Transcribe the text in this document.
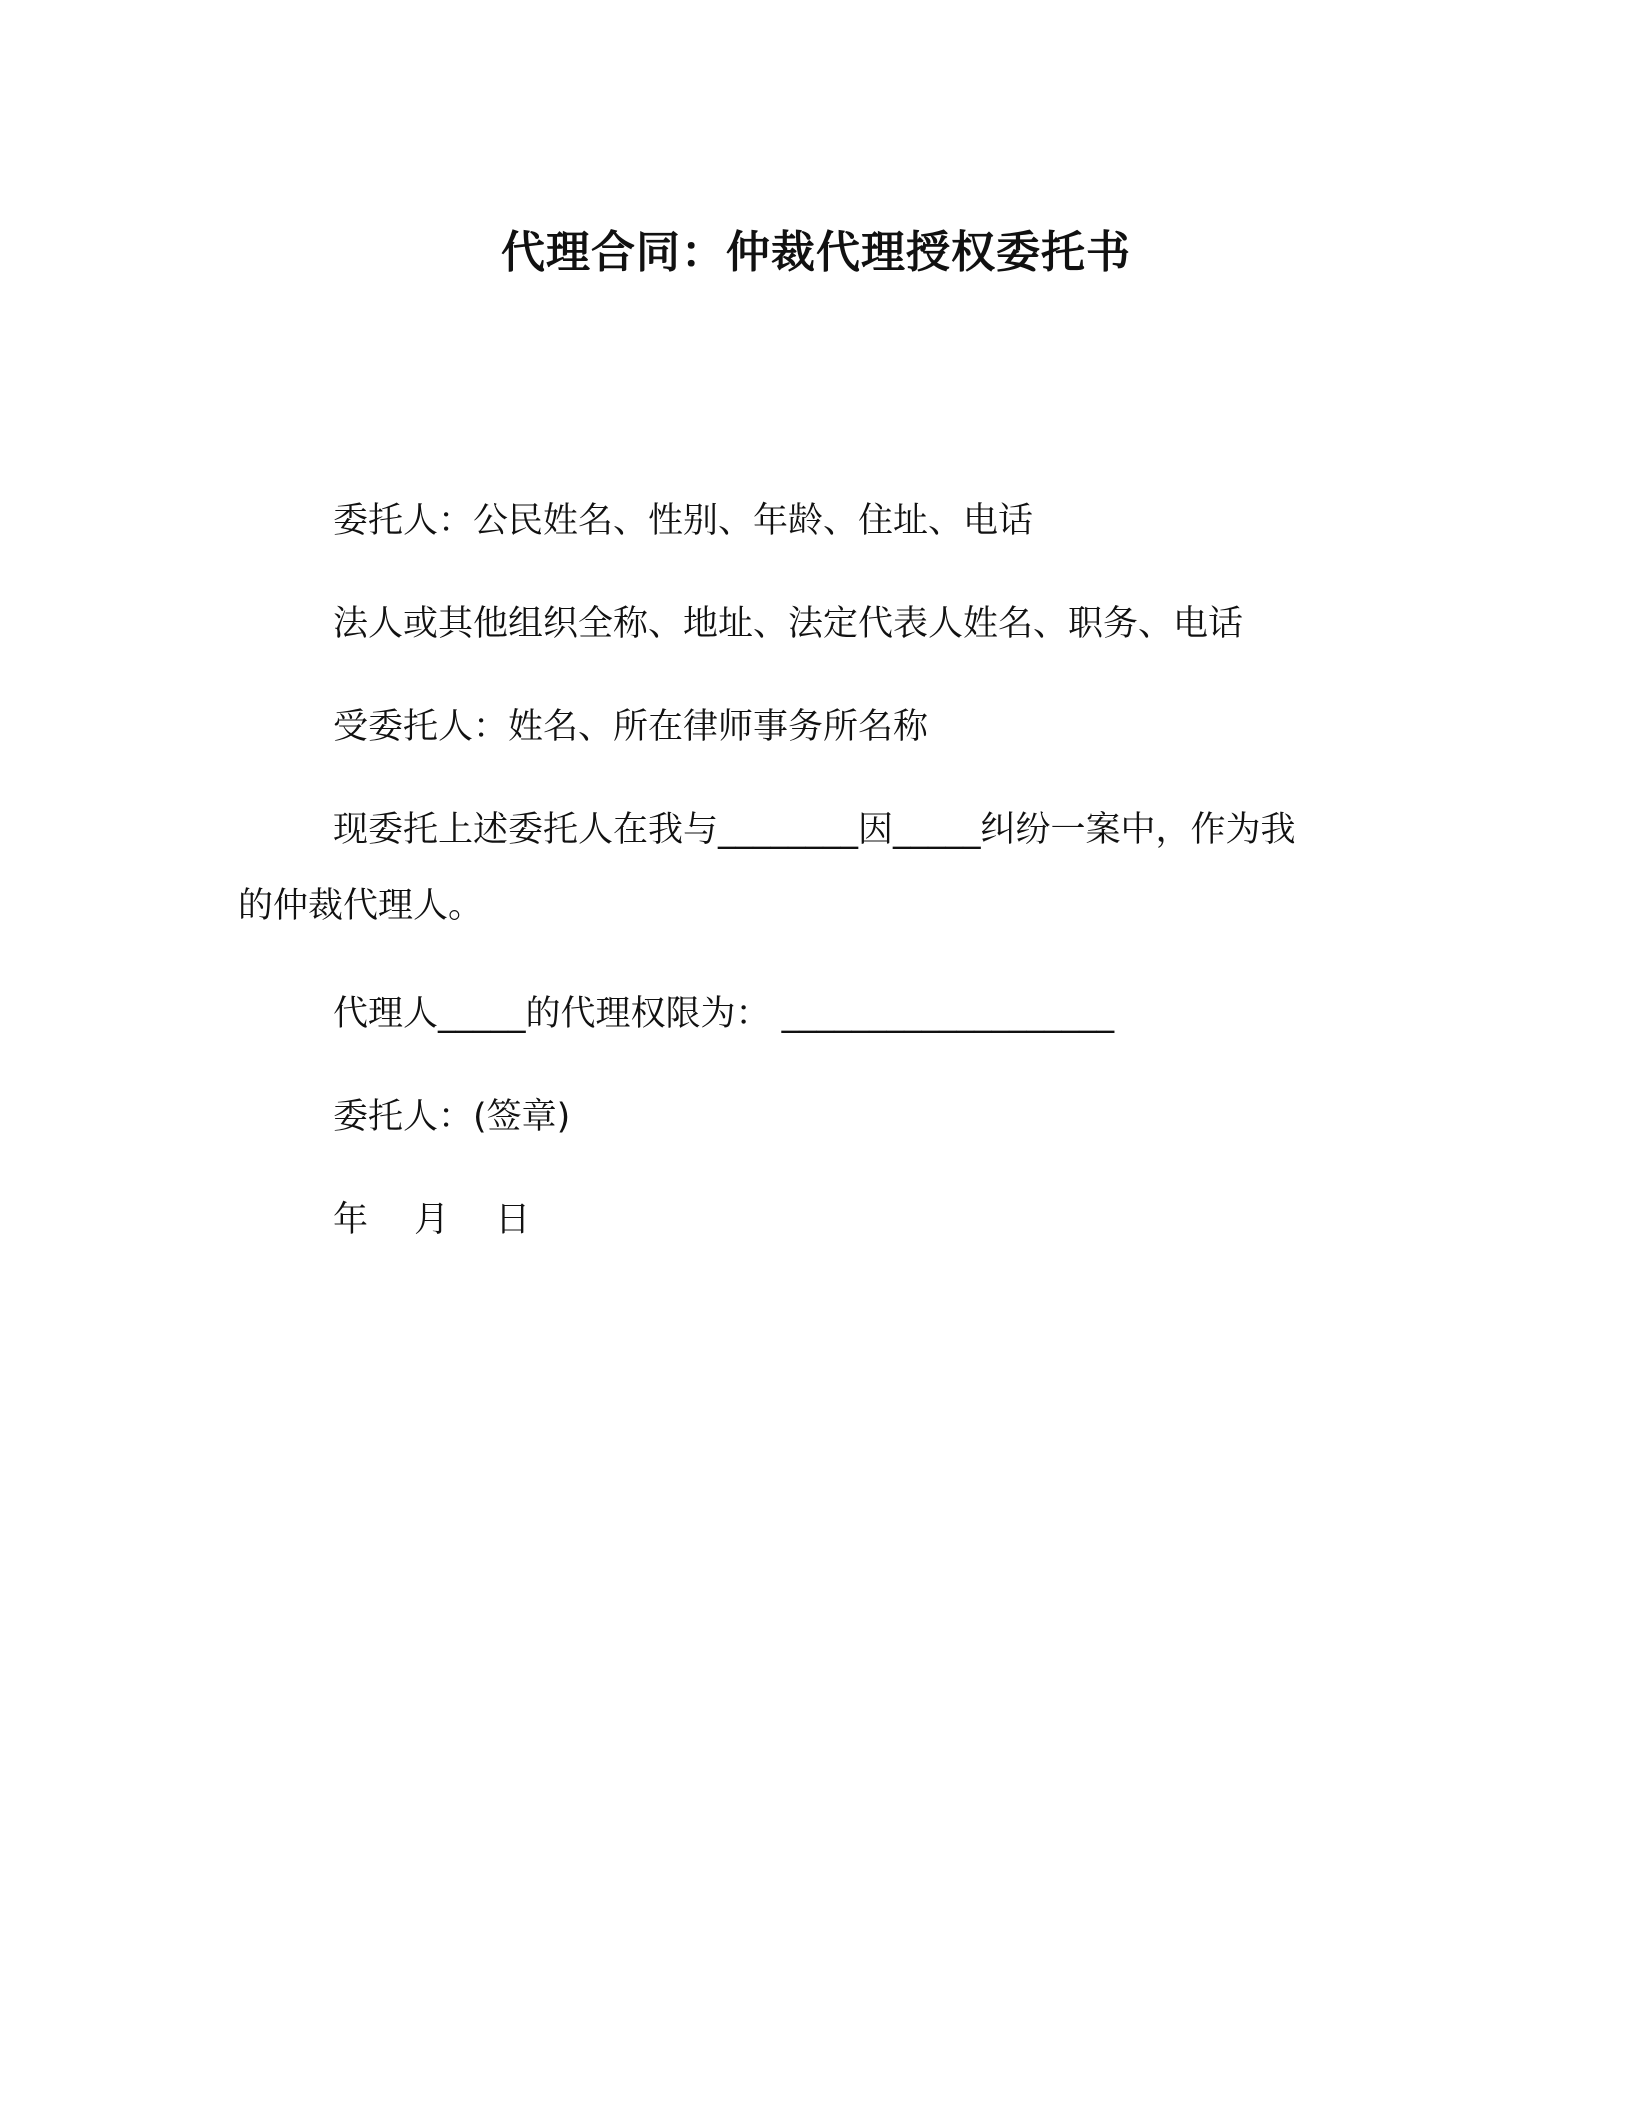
代理合同：仲裁代理授权委托书
委托人：公民姓名、性别、年龄、住址、电话
法人或其他组织全称、地址、法定代表人姓名、职务、电话
受委托人：姓名、所在律师事务所名称
现委托上述委托人在我与________因_____纠纷一案中，作为我
的仲裁代理人。
代理人_____的代理权限为： ___________________
委托人：(签章)
年　 月　 日
